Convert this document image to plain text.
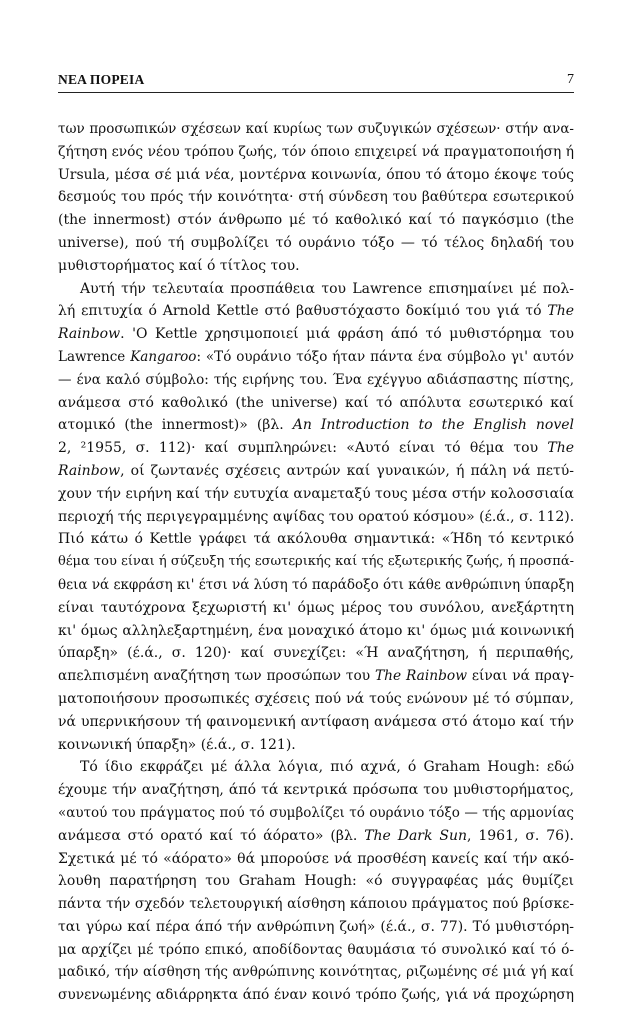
ΝΕΑ ΠΟΡΕΙΑ	7
των προσωπικών σχέσεων καί κυρίως των συζυγικών σχέσεων· στήν ανα-
ζήτηση ενός νέου τρόπου ζωής, τόν όποιο επιχειρεί νά πραγματοποιήση ή
Ursula, μέσα σέ μιά νέα, μοντέρνα κοινωνία, όπου τό άτομο έκοψε τούς
δεσμούς του πρός τήν κοινότητα· στή σύνδεση του βαθύτερα εσωτερικού
(the innermost) στόν άνθρωπο μέ τό καθολικό καί τό παγκόσμιο (the
universe), πού τή συμβολίζει τό ουράνιο τόξο — τό τέλος δηλαδή του
μυθιστορήματος καί ό τίτλος του.
Αυτή τήν τελευταία προσπάθεια του Lawrence επισημαίνει μέ πολ-
λή επιτυχία ό Arnold Kettle στό βαθυστόχαστο δοκίμιό του γιά τό The
Rainbow. 'Ο Kettle χρησιμοποιεί μιά φράση άπό τό μυθιστόρημα του
Lawrence Kangaroo: «Τό ουράνιο τόξο ήταν πάντα ένα σύμβολο γι' αυτόν
— ένα καλό σύμβολο: τής ειρήνης του. Ένα εχέγγυο αδιάσπαστης πίστης,
ανάμεσα στό καθολικό (the universe) καί τό απόλυτα εσωτερικό καί
ατομικό (the innermost)» (βλ. An Introduction to the English novel
2, ²1955, σ. 112)· καί συμπληρώνει: «Αυτό είναι τό θέμα του The
Rainbow, οί ζωντανές σχέσεις αντρών καί γυναικών, ή πάλη νά πετύ-
χουν τήν ειρήνη καί τήν ευτυχία αναμεταξύ τους μέσα στήν κολοσσιαία
περιοχή τής περιγεγραμμένης αψίδας του ορατού κόσμου» (έ.ά., σ. 112).
Πιό κάτω ό Kettle γράφει τά ακόλουθα σημαντικά: «Ήδη τό κεντρικό
θέμα του είναι ή σύζευξη τής εσωτερικής καί τής εξωτερικής ζωής, ή προσπά-
θεια νά εκφράση κι' έτσι νά λύση τό παράδοξο ότι κάθε ανθρώπινη ύπαρξη
είναι ταυτόχρονα ξεχωριστή κι' όμως μέρος του συνόλου, ανεξάρτητη
κι' όμως αλληλεξαρτημένη, ένα μοναχικό άτομο κι' όμως μιά κοινωνική
ύπαρξη» (έ.ά., σ. 120)· καί συνεχίζει: «Ή αναζήτηση, ή περιπαθής,
απελπισμένη αναζήτηση των προσώπων του The Rainbow είναι νά πραγ-
ματοποιήσουν προσωπικές σχέσεις πού νά τούς ενώνουν μέ τό σύμπαν,
νά υπερνικήσουν τή φαινομενική αντίφαση ανάμεσα στό άτομο καί τήν
κοινωνική ύπαρξη» (έ.ά., σ. 121).
Τό ίδιο εκφράζει μέ άλλα λόγια, πιό αχνά, ό Graham Hough: εδώ
έχουμε τήν αναζήτηση, άπό τά κεντρικά πρόσωπα του μυθιστορήματος,
«αυτού του πράγματος πού τό συμβολίζει τό ουράνιο τόξο — τής αρμονίας
ανάμεσα στό ορατό καί τό άόρατο» (βλ. The Dark Sun, 1961, σ. 76).
Σχετικά μέ τό «άόρατο» θά μπορούσε νά προσθέση κανείς καί τήν ακό-
λουθη παρατήρηση του Graham Hough: «ό συγγραφέας μάς θυμίζει
πάντα τήν σχεδόν τελετουργική αίσθηση κάποιου πράγματος πού βρίσκε-
ται γύρω καί πέρα άπό τήν ανθρώπινη ζωή» (έ.ά., σ. 77). Τό μυθιστόρη-
μα αρχίζει μέ τρόπο επικό, αποδίδοντας θαυμάσια τό συνολικό καί τό ό-
μαδικό, τήν αίσθηση τής ανθρώπινης κοινότητας, ριζωμένης σέ μιά γή καί
συνενωμένης αδιάρρηκτα άπό έναν κοινό τρόπο ζωής, γιά νά προχώρηση
